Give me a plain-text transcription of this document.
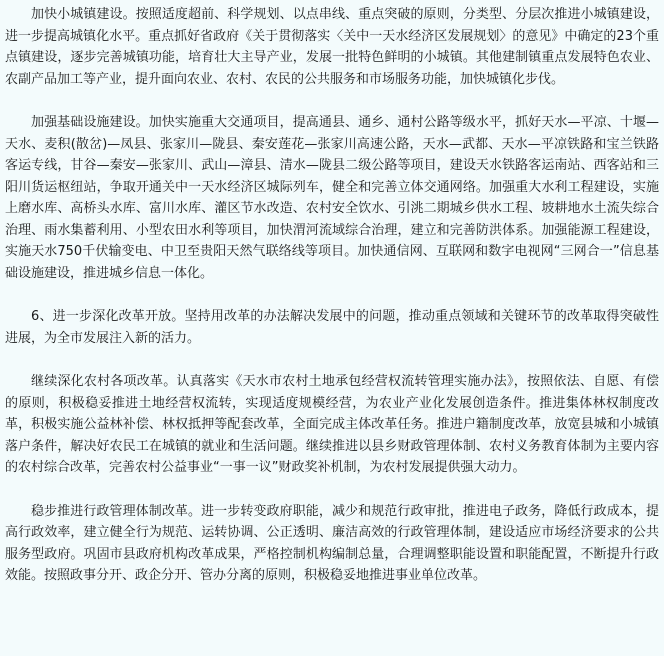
加快小城镇建设。按照适度超前、科学规划、以点串线、重点突破的原则，分类型、分层次推进小城镇建设，进一步提高城镇化水平。重点抓好省政府《关于贯彻落实〈关中一天水经济区发展规划〉的意见》中确定的23个重点镇建设，逐步完善城镇功能，培育壮大主导产业，发展一批特色鲜明的小城镇。其他建制镇重点发展特色农业、农副产品加工等产业，提升面向农业、农村、农民的公共服务和市场服务功能，加快城镇化步伐。

加强基础设施建设。加快实施重大交通项目，提高通县、通乡、通村公路等级水平，抓好天水—平凉、十堰—天水、麦积(散岔)—凤县、张家川—陇县、秦安莲花—张家川高速公路，天水—武都、天水—平凉铁路和宝兰铁路客运专线，甘谷—秦安—张家川、武山—漳县、清水—陇县二级公路等项目，建设天水铁路客运南站、西客站和三阳川货运枢纽站，争取开通关中一天水经济区城际列车，健全和完善立体交通网络。加强重大水利工程建设，实施上磨水库、高桥头水库、富川水库、灌区节水改造、农村安全饮水、引洮二期城乡供水工程、坡耕地水土流失综合治理、雨水集蓄利用、小型农田水利等项目，加快渭河流域综合治理，建立和完善防洪体系。加强能源工程建设，实施天水750千伏输变电、中卫至贵阳天然气联络线等项目。加快通信网、互联网和数字电视网“三网合一”信息基础设施建设，推进城乡信息一体化。

6、进一步深化改革开放。坚持用改革的办法解决发展中的问题，推动重点领域和关键环节的改革取得突破性进展，为全市发展注入新的活力。

继续深化农村各项改革。认真落实《天水市农村土地承包经营权流转管理实施办法》，按照依法、自愿、有偿的原则，积极稳妥推进土地经营权流转，实现适度规模经营，为农业产业化发展创造条件。推进集体林权制度改革，积极实施公益林补偿、林权抵押等配套改革，全面完成主体改革任务。推进户籍制度改革，放宽县城和小城镇落户条件，解决好农民工在城镇的就业和生活问题。继续推进以县乡财政管理体制、农村义务教育体制为主要内容的农村综合改革，完善农村公益事业“一事一议”财政奖补机制，为农村发展提供强大动力。

稳步推进行政管理体制改革。进一步转变政府职能，减少和规范行政审批，推进电子政务，降低行政成本，提高行政效率，建立健全行为规范、运转协调、公正透明、廉洁高效的行政管理体制，建设适应市场经济要求的公共服务型政府。巩固市县政府机构改革成果，严格控制机构编制总量，合理调整职能设置和职能配置，不断提升行政效能。按照政事分开、政企分开、管办分离的原则，积极稳妥地推进事业单位改革。
